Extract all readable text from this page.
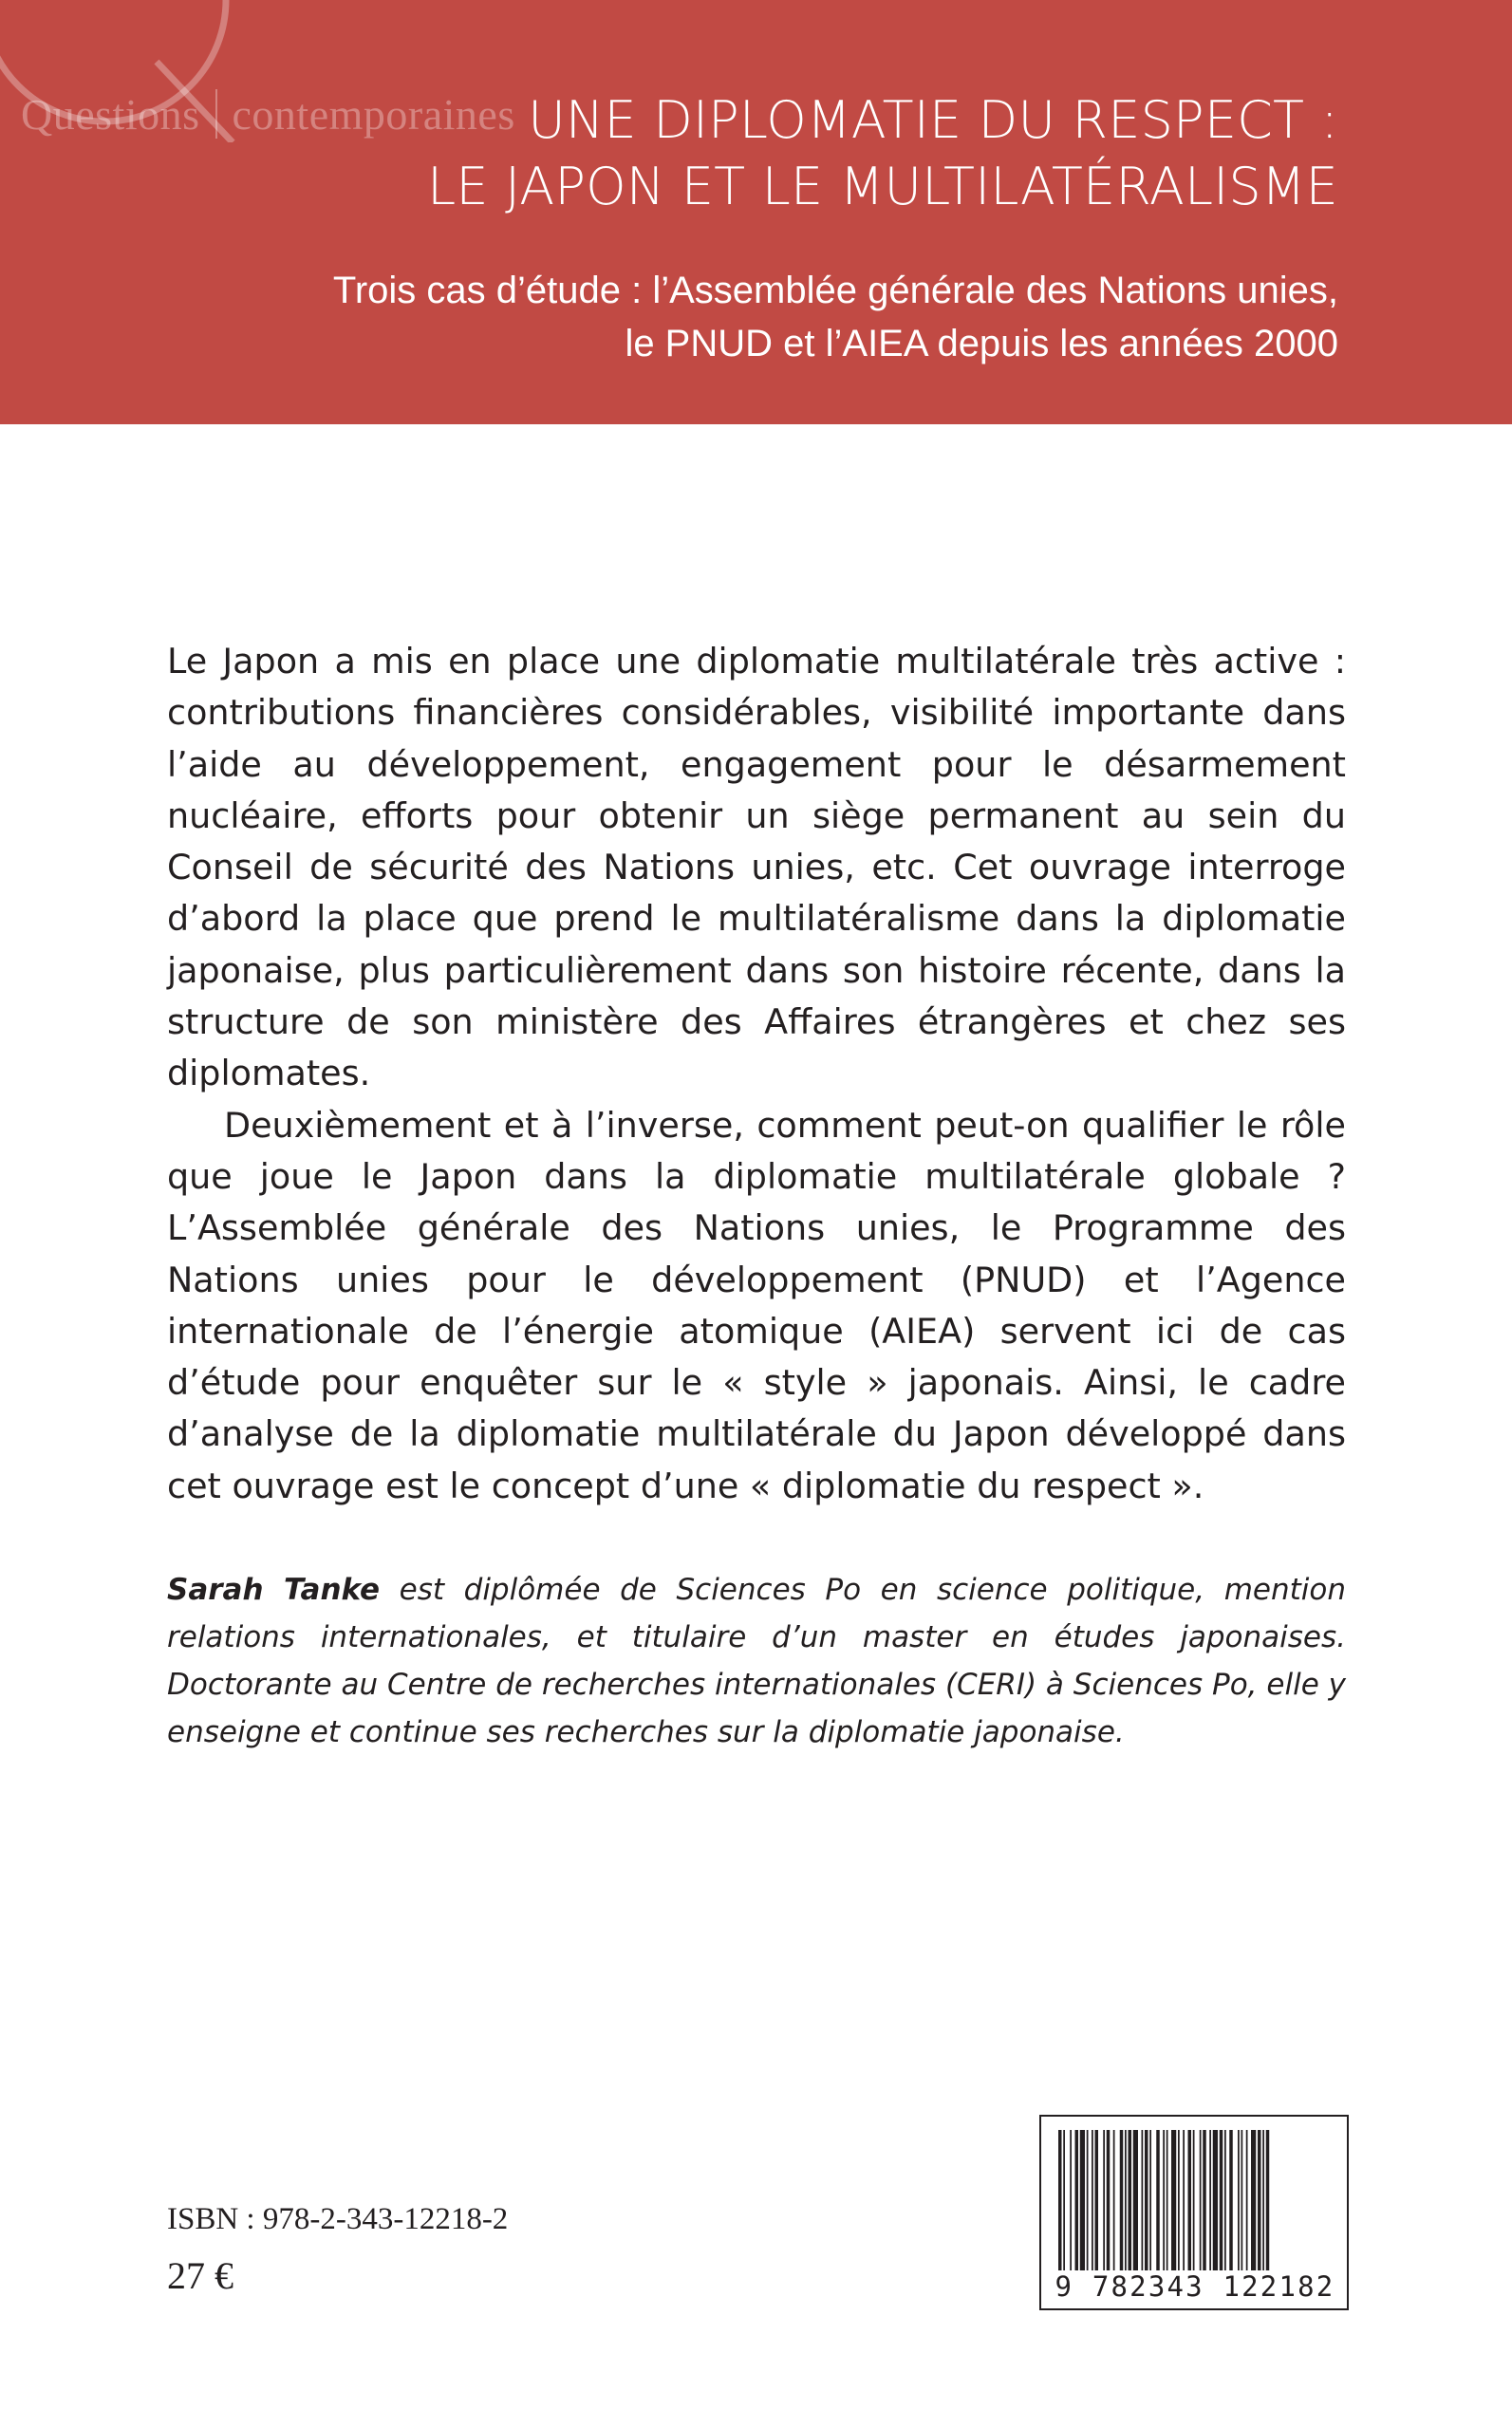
Questions contemporaines UNE DIPLOMATIE DU RESPECT :
LE JAPON ET LE MULTILATÉRALISME
Trois cas d’étude : l’Assemblée générale des Nations unies,
le PNUD et l’AIEA depuis les années 2000

Le Japon a mis en place une diplomatie multilatérale très active : contributions financières considérables, visibilité importante dans l’aide au développement, engagement pour le désarmement nucléaire, efforts pour obtenir un siège permanent au sein du Conseil de sécurité des Nations unies, etc. Cet ouvrage interroge d’abord la place que prend le multilatéralisme dans la diplomatie japonaise, plus particulièrement dans son histoire récente, dans la structure de son ministère des Affaires étrangères et chez ses diplomates.

Deuxièmement et à l’inverse, comment peut-on qualifier le rôle que joue le Japon dans la diplomatie multilatérale globale ? L’Assemblée générale des Nations unies, le Programme des Nations unies pour le développement (PNUD) et l’Agence internationale de l’énergie atomique (AIEA) servent ici de cas d’étude pour enquêter sur le « style » japonais. Ainsi, le cadre d’analyse de la diplomatie multilatérale du Japon développé dans cet ouvrage est le concept d’une « diplomatie du respect ».

Sarah Tanke est diplômée de Sciences Po en science politique, mention relations internationales, et titulaire d’un master en études japonaises. Doctorante au Centre de recherches internationales (CERI) à Sciences Po, elle y enseigne et continue ses recherches sur la diplomatie japonaise.
ISBN : 978-2-343-12218-2
27 €	9 782343 122182
